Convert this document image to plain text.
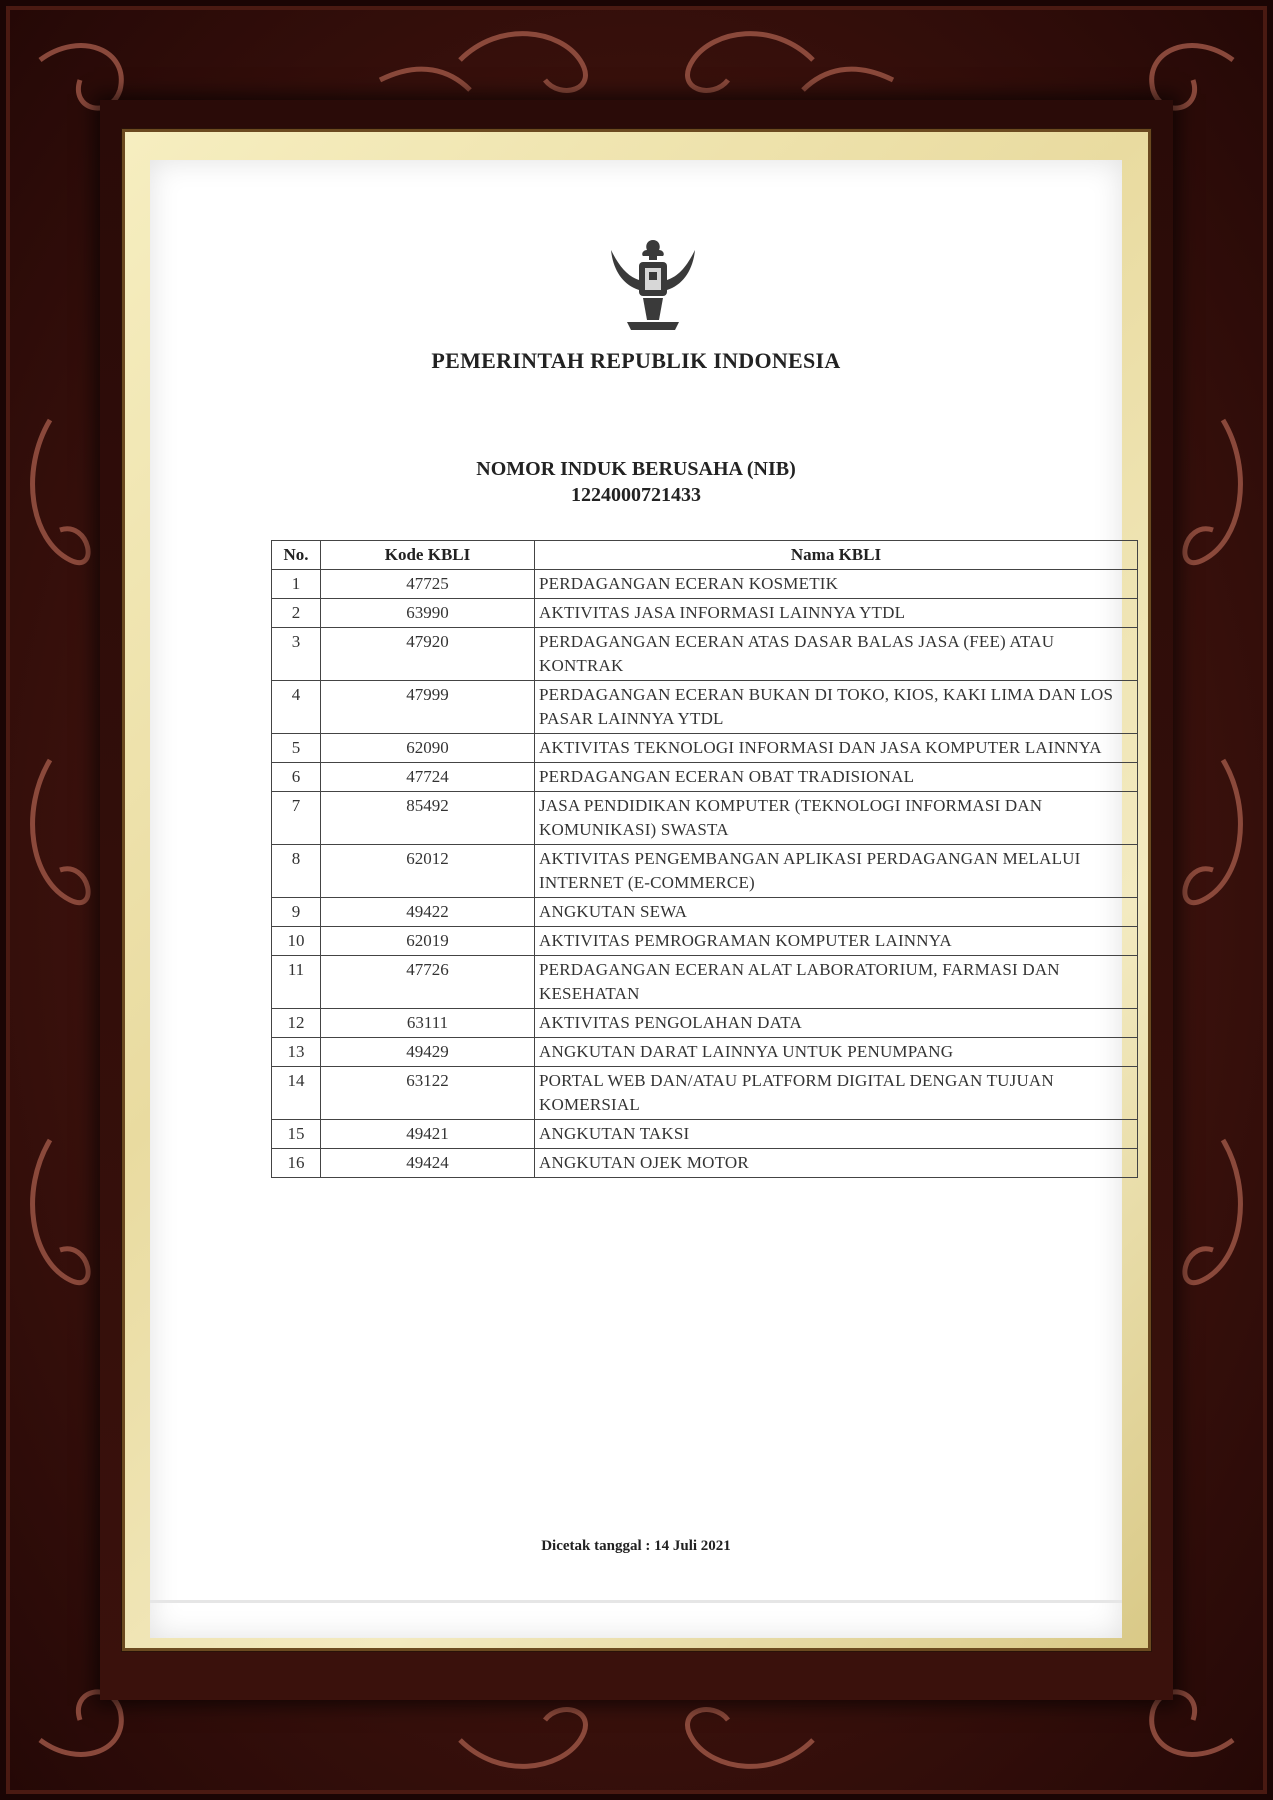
PEMERINTAH REPUBLIK INDONESIA
NOMOR INDUK BERUSAHA (NIB)
1224000721433
No.	Kode KBLI	Nama KBLI
1	47725	PERDAGANGAN ECERAN KOSMETIK
2	63990	AKTIVITAS JASA INFORMASI LAINNYA YTDL
3	47920	PERDAGANGAN ECERAN ATAS DASAR BALAS JASA (FEE) ATAU KONTRAK
4	47999	PERDAGANGAN ECERAN BUKAN DI TOKO, KIOS, KAKI LIMA DAN LOS PASAR LAINNYA YTDL
5	62090	AKTIVITAS TEKNOLOGI INFORMASI DAN JASA KOMPUTER LAINNYA
6	47724	PERDAGANGAN ECERAN OBAT TRADISIONAL
7	85492	JASA PENDIDIKAN KOMPUTER (TEKNOLOGI INFORMASI DAN KOMUNIKASI) SWASTA
8	62012	AKTIVITAS PENGEMBANGAN APLIKASI PERDAGANGAN MELALUI INTERNET (E-COMMERCE)
9	49422	ANGKUTAN SEWA
10	62019	AKTIVITAS PEMROGRAMAN KOMPUTER LAINNYA
11	47726	PERDAGANGAN ECERAN ALAT LABORATORIUM, FARMASI DAN KESEHATAN
12	63111	AKTIVITAS PENGOLAHAN DATA
13	49429	ANGKUTAN DARAT LAINNYA UNTUK PENUMPANG
14	63122	PORTAL WEB DAN/ATAU PLATFORM DIGITAL DENGAN TUJUAN KOMERSIAL
15	49421	ANGKUTAN TAKSI
16	49424	ANGKUTAN OJEK MOTOR
Dicetak tanggal : 14 Juli 2021
